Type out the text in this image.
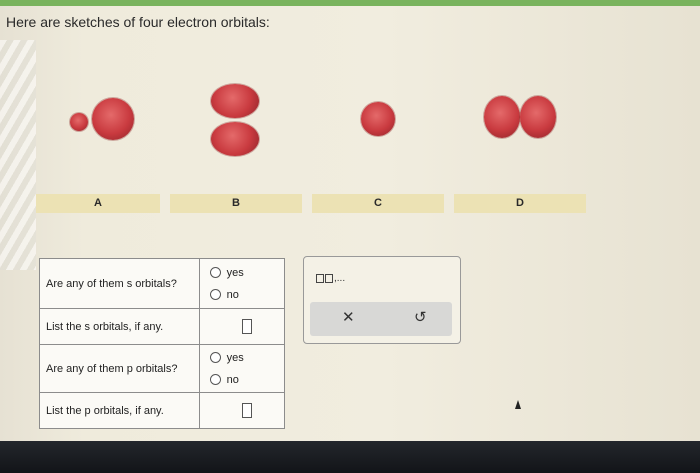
Here are sketches of four electron orbitals:
A	B	C	D
Are any of them s orbitals?	yes
no

List the s orbitals, if any.	

Are any of them p orbitals?	yes
no

List the p orbitals, if any.	
,...
✕	↺
